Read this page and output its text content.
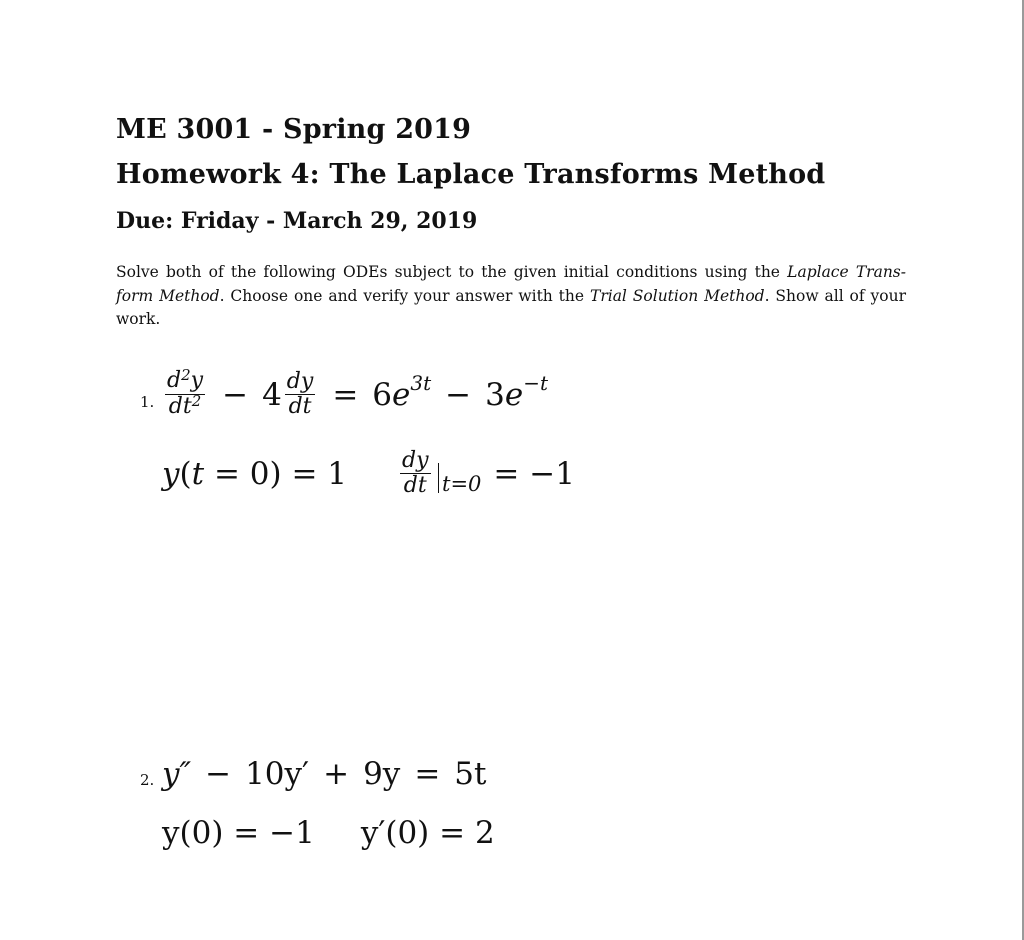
ME 3001 - Spring 2019
Homework 4: The Laplace Transforms Method
Due: Friday - March 29, 2019
Solve both of the following ODEs subject to the given initial conditions using the Laplace Trans-
form Method. Choose one and verify your answer with the Trial Solution Method. Show all of your
work.
1. $\frac{d^2y}{dt^2} - 4 \frac{dy}{dt} = 6$ $e^{3t} - 3$ $e^{-t}$
y ( $t = 0) = 1 \frac{dy}{dt} t=0 = -1$
2. y″ − 10y′ + 9y = 5t
y(0) = −1 y′(0) = 2
